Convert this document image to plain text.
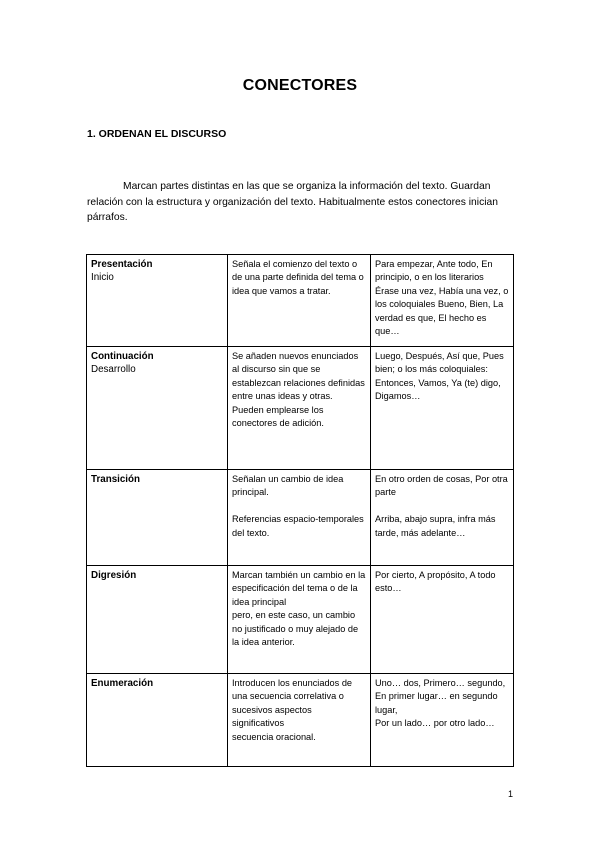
CONECTORES
1. ORDENAN EL DISCURSO
Marcan partes distintas en las que se organiza la información del texto. Guardan relación con la estructura y organización del texto. Habitualmente estos conectores inician párrafos.
Presentación
Inicio	Señala el comienzo del texto o de una parte definida del tema o idea que vamos a tratar.	Para empezar, Ante todo, En principio, o en los literarios Érase una vez, Había una vez, o los coloquiales Bueno, Bien, La verdad es que, El hecho es que…

Continuación
Desarrollo	Se añaden nuevos enunciados al discurso sin que se establezcan relaciones definidas entre unas ideas y otras. Pueden emplearse los
conectores de adición.	Luego, Después, Así que, Pues bien; o los más coloquiales: Entonces, Vamos, Ya (te) digo, Digamos…

Transición	Señalan un cambio de idea principal.

Referencias espacio-temporales del texto.	En otro orden de cosas, Por otra parte

Arriba, abajo supra, infra más tarde, más adelante…

Digresión	Marcan también un cambio en la especificación del tema o de la idea principal
pero, en este caso, un cambio no justificado o muy alejado de la idea anterior.	Por cierto, A propósito, A todo esto…

Enumeración	Introducen los enunciados de una secuencia correlativa o sucesivos aspectos significativos
secuencia oracional.	Uno… dos, Primero… segundo, En primer lugar… en segundo lugar,
Por un lado… por otro lado…
1
